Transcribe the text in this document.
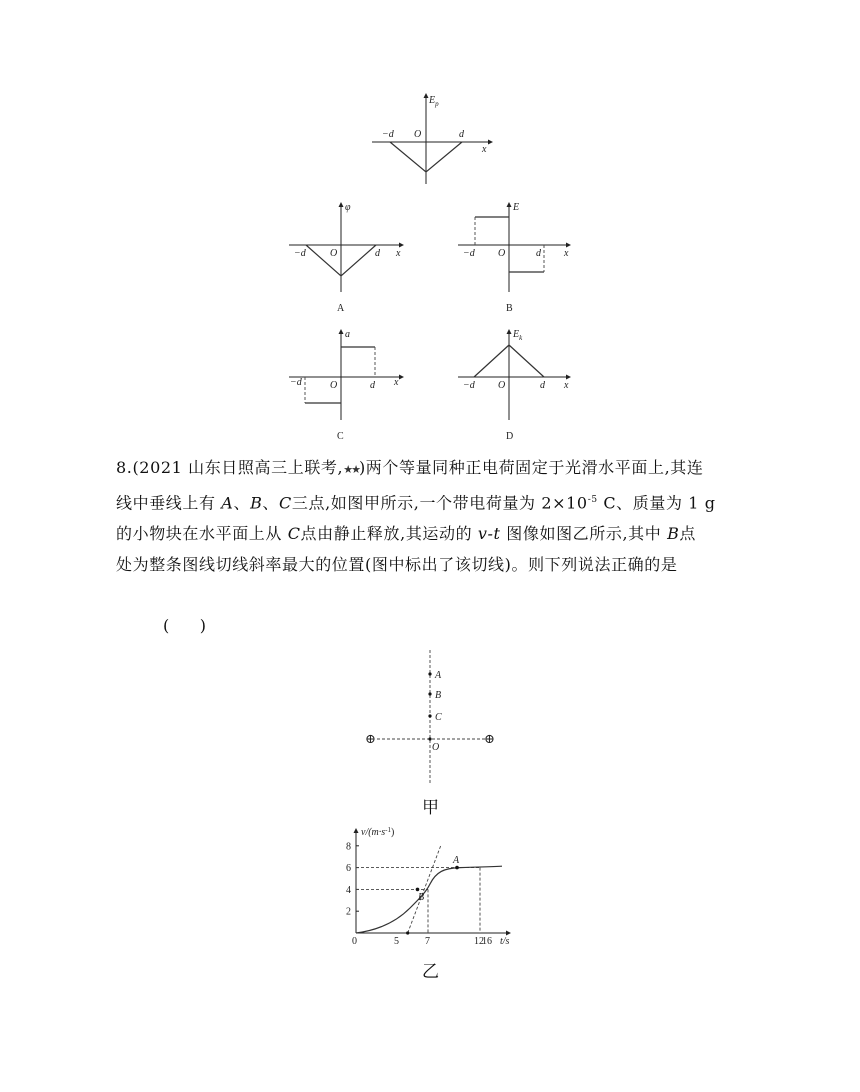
$E_p$
−d O	d
x
φ
−d O	d x
A
E
−d O	d x
B
a
−d	O	d x
C
$E_k$
−d O	d x
D

8.(2021 山东日照高三上联考,★★)两个等量同种正电荷固定于光滑水平面上,其连

线中垂线上有 A、B、C三点,如图甲所示,一个带电荷量为 $2\times 10^{-5}$ C、质量为 1 g

的小物块在水平面上从 C点由静止释放,其运动的 v-t 图像如图乙所示,其中 B点

处为整条图线切线斜率最大的位置(图中标出了该切线)。则下列说法正确的是

(      )
A
B
C
O
⊕	⊕
甲
A
B
$v/(m\cdot s^{-1})$
t/s
0
8
6
4
2
5	7	12
16
乙
